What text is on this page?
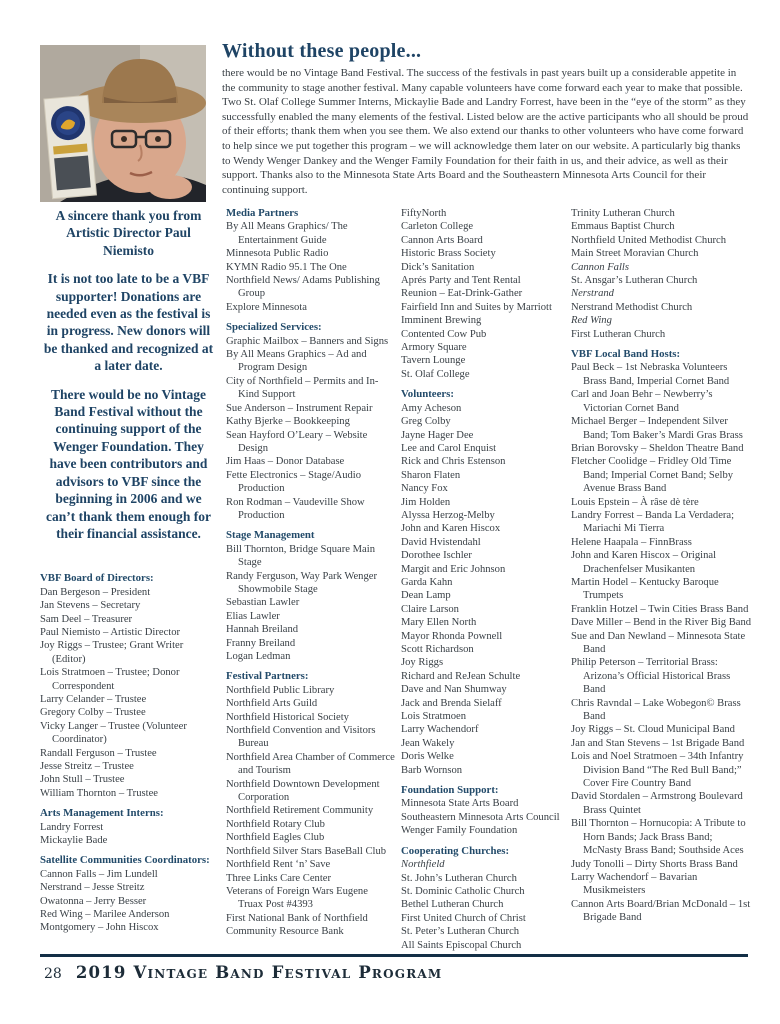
Without these people...

there would be no Vintage Band Festival. The success of the festivals in past years built up a considerable appetite in the community to stage another festival. Many capable volunteers have come forward each year to make that possible. Two St. Olaf College Summer Interns, Mickaylie Bade and Landry Forrest, have been in the “eye of the storm” as they successfully enabled the many elements of the festival. Listed below are the active participants who all should be proud of their efforts; thank them when you see them. We also extend our thanks to other volunteers who have come forward to help since we put together this program – we will acknowledge them later on our website. A particularly big thanks to Wendy Wenger Dankey and the Wenger Family Foundation for their faith in us, and their advice, as well as their support. Thanks also to the Minnesota State Arts Board and the Southeastern Minnesota Arts Council for their continuing support.

A sincere thank you from Artistic Director Paul Niemisto
It is not too late to be a VBF supporter! Donations are needed even as the festival is in progress. New donors will be thanked and recognized at a later date.
There would be no Vintage Band Festival without the continuing support of the Wenger Foundation. They have been contributors and advisors to VBF since the beginning in 2006 and we can’t thank them enough for their financial assistance.
VBF Board of Directors:
Dan Bergeson – President
Jan Stevens – Secretary
Sam Deel – Treasurer
Paul Niemisto – Artistic Director
Joy Riggs – Trustee; Grant Writer (Editor)
Lois Stratmoen – Trustee; Donor Correspondent
Larry Celander – Trustee
Gregory Colby – Trustee
Vicky Langer – Trustee (Volunteer Coordinator)
Randall Ferguson – Trustee
Jesse Streitz – Trustee
John Stull – Trustee
William Thornton – Trustee
Arts Management Interns:
Landry Forrest
Mickaylie Bade
Satellite Communities Coordinators:
Cannon Falls – Jim Lundell
Nerstrand – Jesse Streitz
Owatonna – Jerry Besser
Red Wing – Marilee Anderson
Montgomery – John Hiscox
Media Partners
By All Means Graphics/ The Entertainment Guide
Minnesota Public Radio
KYMN Radio 95.1 The One
Northfield News/ Adams Publishing Group
Explore Minnesota
Specialized Services:
Graphic Mailbox – Banners and Signs
By All Means Graphics – Ad and Program Design
City of Northfield – Permits and In-Kind Support
Sue Anderson – Instrument Repair
Kathy Bjerke – Bookkeeping
Sean Hayford O’Leary – Website Design
Jim Haas – Donor Database
Fette Electronics – Stage/Audio Production
Ron Rodman – Vaudeville Show Production
Stage Management
Bill Thornton, Bridge Square Main Stage
Randy Ferguson, Way Park Wenger Showmobile Stage
Sebastian Lawler
Elias Lawler
Hannah Breiland
Franny Breiland
Logan Ledman
Festival Partners:
Northfield Public Library
Northfield Arts Guild
Northfield Historical Society
Northfield Convention and Visitors Bureau
Northfield Area Chamber of Commerce and Tourism
Northfield Downtown Development Corporation
Northfield Retirement Community
Northfield Rotary Club
Northfield Eagles Club
Northfield Silver Stars BaseBall Club
Northfield Rent ‘n’ Save
Three Links Care Center
Veterans of Foreign Wars Eugene Truax Post #4393
First National Bank of Northfield
Community Resource Bank
FiftyNorth
Carleton College
Cannon Arts Board
Historic Brass Society
Dick’s Sanitation
Aprés Party and Tent Rental
Reunion – Eat-Drink-Gather
Fairfield Inn and Suites by Marriott
Imminent Brewing
Contented Cow Pub
Armory Square
Tavern Lounge
St. Olaf College
Volunteers:
Amy Acheson
Greg Colby
Jayne Hager Dee
Lee and Carol Enquist
Rick and Chris Estenson
Sharon Flaten
Nancy Fox
Jim Holden
Alyssa Herzog-Melby
John and Karen Hiscox
David Hvistendahl
Dorothee Ischler
Margit and Eric Johnson
Garda Kahn
Dean Lamp
Claire Larson
Mary Ellen North
Mayor Rhonda Pownell
Scott Richardson
Joy Riggs
Richard and ReJean Schulte
Dave and Nan Shumway
Jack and Brenda Sielaff
Lois Stratmoen
Larry Wachendorf
Jean Wakely
Doris Welke
Barb Wornson
Foundation Support:
Minnesota State Arts Board
Southeastern Minnesota Arts Council
Wenger Family Foundation
Cooperating Churches:
Northfield
St. John’s Lutheran Church
St. Dominic Catholic Church
Bethel Lutheran Church
First United Church of Christ
St. Peter’s Lutheran Church
All Saints Episcopal Church
Trinity Lutheran Church
Emmaus Baptist Church
Northfield United Methodist Church
Main Street Moravian Church
Cannon Falls
St. Ansgar’s Lutheran Church
Nerstrand
Nerstrand Methodist Church
Red Wing
First Lutheran Church
VBF Local Band Hosts:
Paul Beck – 1st Nebraska Volunteers Brass Band, Imperial Cornet Band
Carl and Joan Behr – Newberry’s Victorian Cornet Band
Michael Berger – Independent Silver Band; Tom Baker’s Mardi Gras Brass
Brian Borovsky – Sheldon Theatre Band
Fletcher Coolidge – Fridley Old Time Band; Imperial Cornet Band; Selby Avenue Brass Band
Louis Epstein – À râse dè tère
Landry Forrest – Banda La Verdadera; Mariachi Mi Tierra
Helene Haapala – FinnBrass
John and Karen Hiscox – Original Drachenfelser Musikanten
Martin Hodel – Kentucky Baroque Trumpets
Franklin Hotzel – Twin Cities Brass Band
Dave Miller – Bend in the River Big Band
Sue and Dan Newland – Minnesota State Band
Philip Peterson – Territorial Brass: Arizona’s Official Historical Brass Band
Chris Ravndal – Lake Wobegon© Brass Band
Joy Riggs – St. Cloud Municipal Band
Jan and Stan Stevens – 1st Brigade Band
Lois and Noel Stratmoen – 34th Infantry Division Band “The Red Bull Band;” Cover Fire Country Band
David Stordalen – Armstrong Boulevard Brass Quintet
Bill Thornton – Hornucopia: A Tribute to Horn Bands; Jack Brass Band; McNasty Brass Band; Southside Aces
Judy Tonolli – Dirty Shorts Brass Band
Larry Wachendorf – Bavarian Musikmeisters
Cannon Arts Board/Brian McDonald – 1st Brigade Band
28 2019 Vintage Band Festival Program
